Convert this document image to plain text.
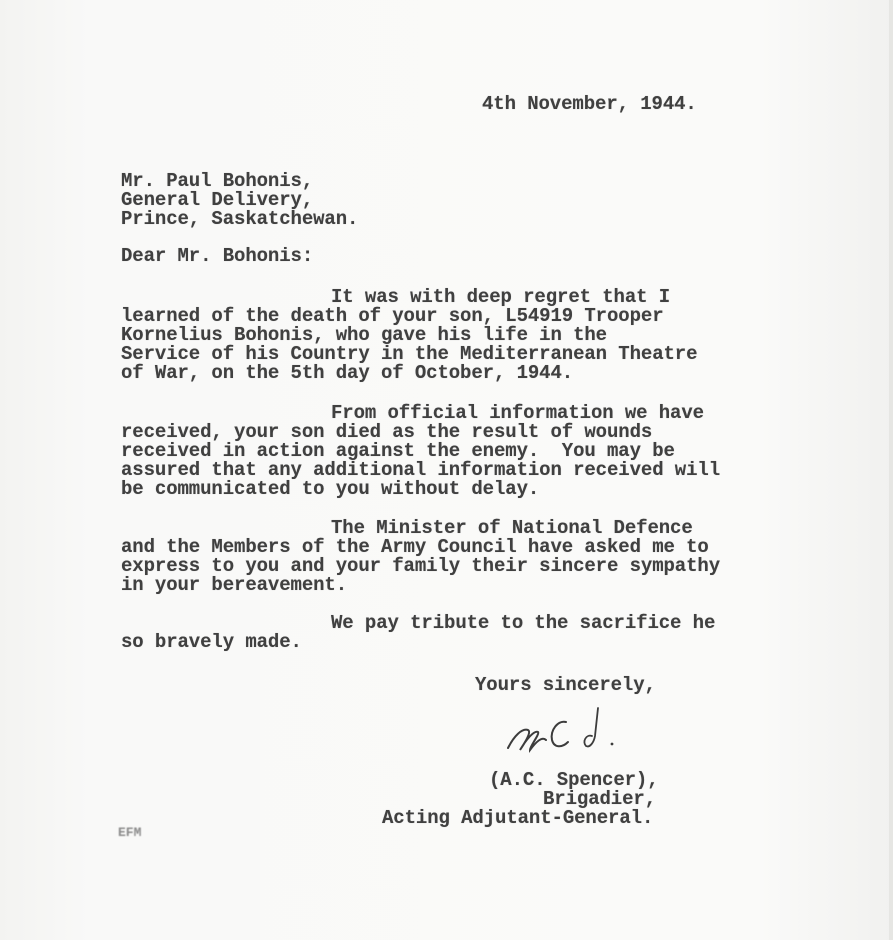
4th November, 1944.
Mr. Paul Bohonis,
General Delivery,
Prince, Saskatchewan.
Dear Mr. Bohonis:
It was with deep regret that I
learned of the death of your son, L54919 Trooper
Kornelius Bohonis, who gave his life in the
Service of his Country in the Mediterranean Theatre
of War, on the 5th day of October, 1944.
From official information we have
received, your son died as the result of wounds
received in action against the enemy.  You may be
assured that any additional information received will
be communicated to you without delay.
The Minister of National Defence
and the Members of the Army Council have asked me to
express to you and your family their sincere sympathy
in your bereavement.
We pay tribute to the sacrifice he
so bravely made.
Yours sincerely,
(A.C. Spencer),
Brigadier,
Acting Adjutant-General.
EFM
